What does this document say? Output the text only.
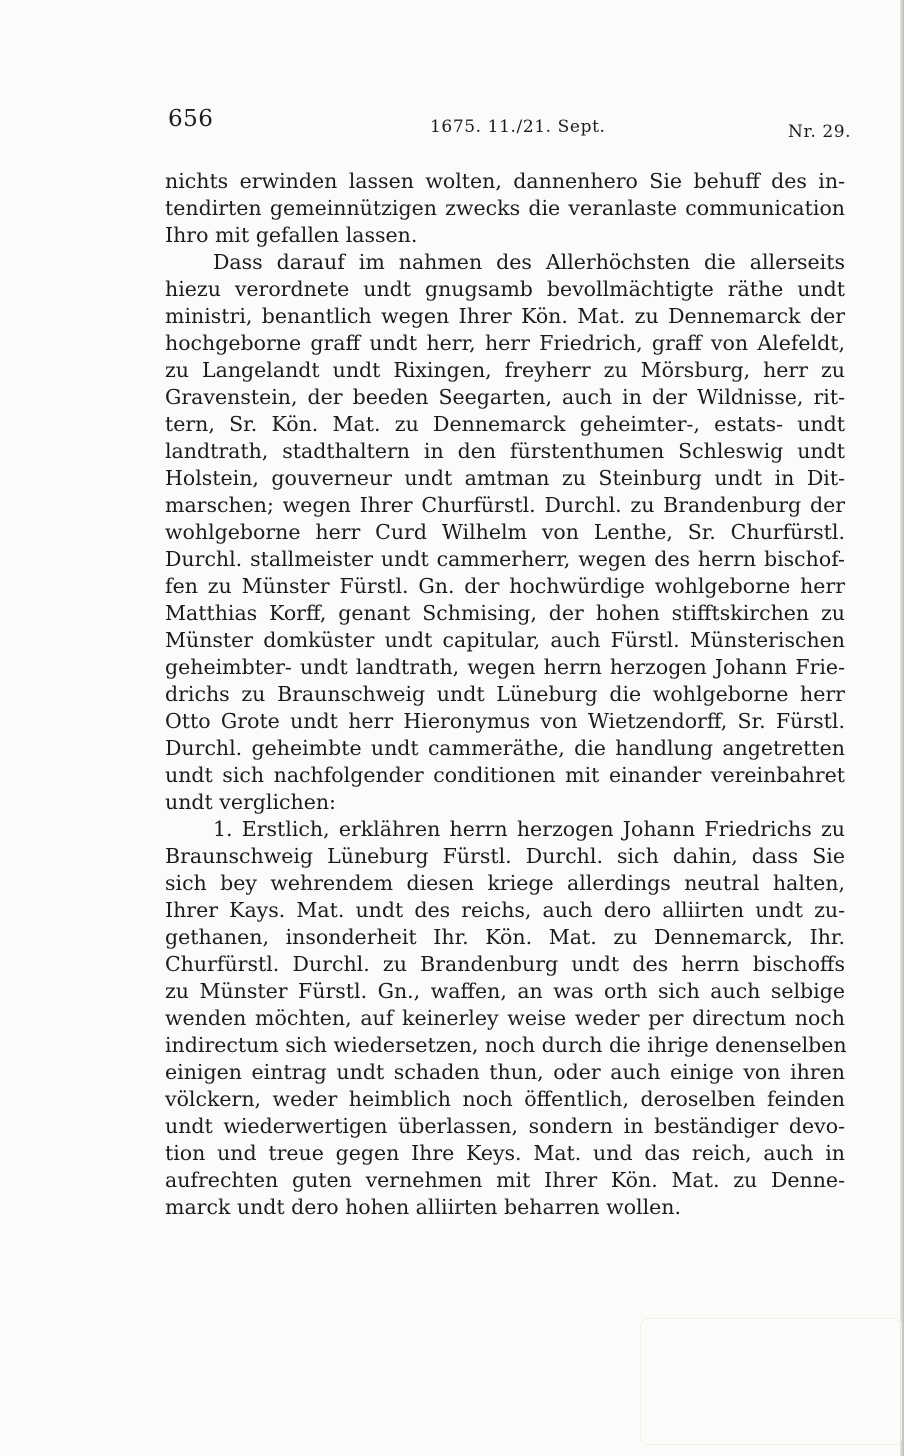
656	1675. 11./21. Sept.	Nr. 29.
nichts erwinden lassen wolten, dannenhero Sie behuff des in-
tendirten gemeinnützigen zwecks die veranlaste communication
Ihro mit gefallen lassen.
Dass darauf im nahmen des Allerhöchsten die allerseits
hiezu verordnete undt gnugsamb bevollmächtigte räthe undt
ministri, benantlich wegen Ihrer Kön. Mat. zu Dennemarck der
hochgeborne graff undt herr, herr Friedrich, graff von Alefeldt,
zu Langelandt undt Rixingen, freyherr zu Mörsburg, herr zu
Gravenstein, der beeden Seegarten, auch in der Wildnisse, rit-
tern, Sr. Kön. Mat. zu Dennemarck geheimter-, estats- undt
landtrath, stadthaltern in den fürstenthumen Schleswig undt
Holstein, gouverneur undt amtman zu Steinburg undt in Dit-
marschen; wegen Ihrer Churfürstl. Durchl. zu Brandenburg der
wohlgeborne herr Curd Wilhelm von Lenthe, Sr. Churfürstl.
Durchl. stallmeister undt cammerherr, wegen des herrn bischof-
fen zu Münster Fürstl. Gn. der hochwürdige wohlgeborne herr
Matthias Korff, genant Schmising, der hohen stifftskirchen zu
Münster domküster undt capitular, auch Fürstl. Münsterischen
geheimbter- undt landtrath, wegen herrn herzogen Johann Frie-
drichs zu Braunschweig undt Lüneburg die wohlgeborne herr
Otto Grote undt herr Hieronymus von Wietzendorff, Sr. Fürstl.
Durchl. geheimbte undt cammeräthe, die handlung angetretten
undt sich nachfolgender conditionen mit einander vereinbahret
undt verglichen:
1. Erstlich, erklähren herrn herzogen Johann Friedrichs zu
Braunschweig Lüneburg Fürstl. Durchl. sich dahin, dass Sie
sich bey wehrendem diesen kriege allerdings neutral halten,
Ihrer Kays. Mat. undt des reichs, auch dero alliirten undt zu-
gethanen, insonderheit Ihr. Kön. Mat. zu Dennemarck, Ihr.
Churfürstl. Durchl. zu Brandenburg undt des herrn bischoffs
zu Münster Fürstl. Gn., waffen, an was orth sich auch selbige
wenden möchten, auf keinerley weise weder per directum noch
indirectum sich wiedersetzen, noch durch die ihrige denenselben
einigen eintrag undt schaden thun, oder auch einige von ihren
völckern, weder heimblich noch öffentlich, deroselben feinden
undt wiederwertigen überlassen, sondern in beständiger devo-
tion und treue gegen Ihre Keys. Mat. und das reich, auch in
aufrechten guten vernehmen mit Ihrer Kön. Mat. zu Denne-
marck undt dero hohen alliirten beharren wollen.
